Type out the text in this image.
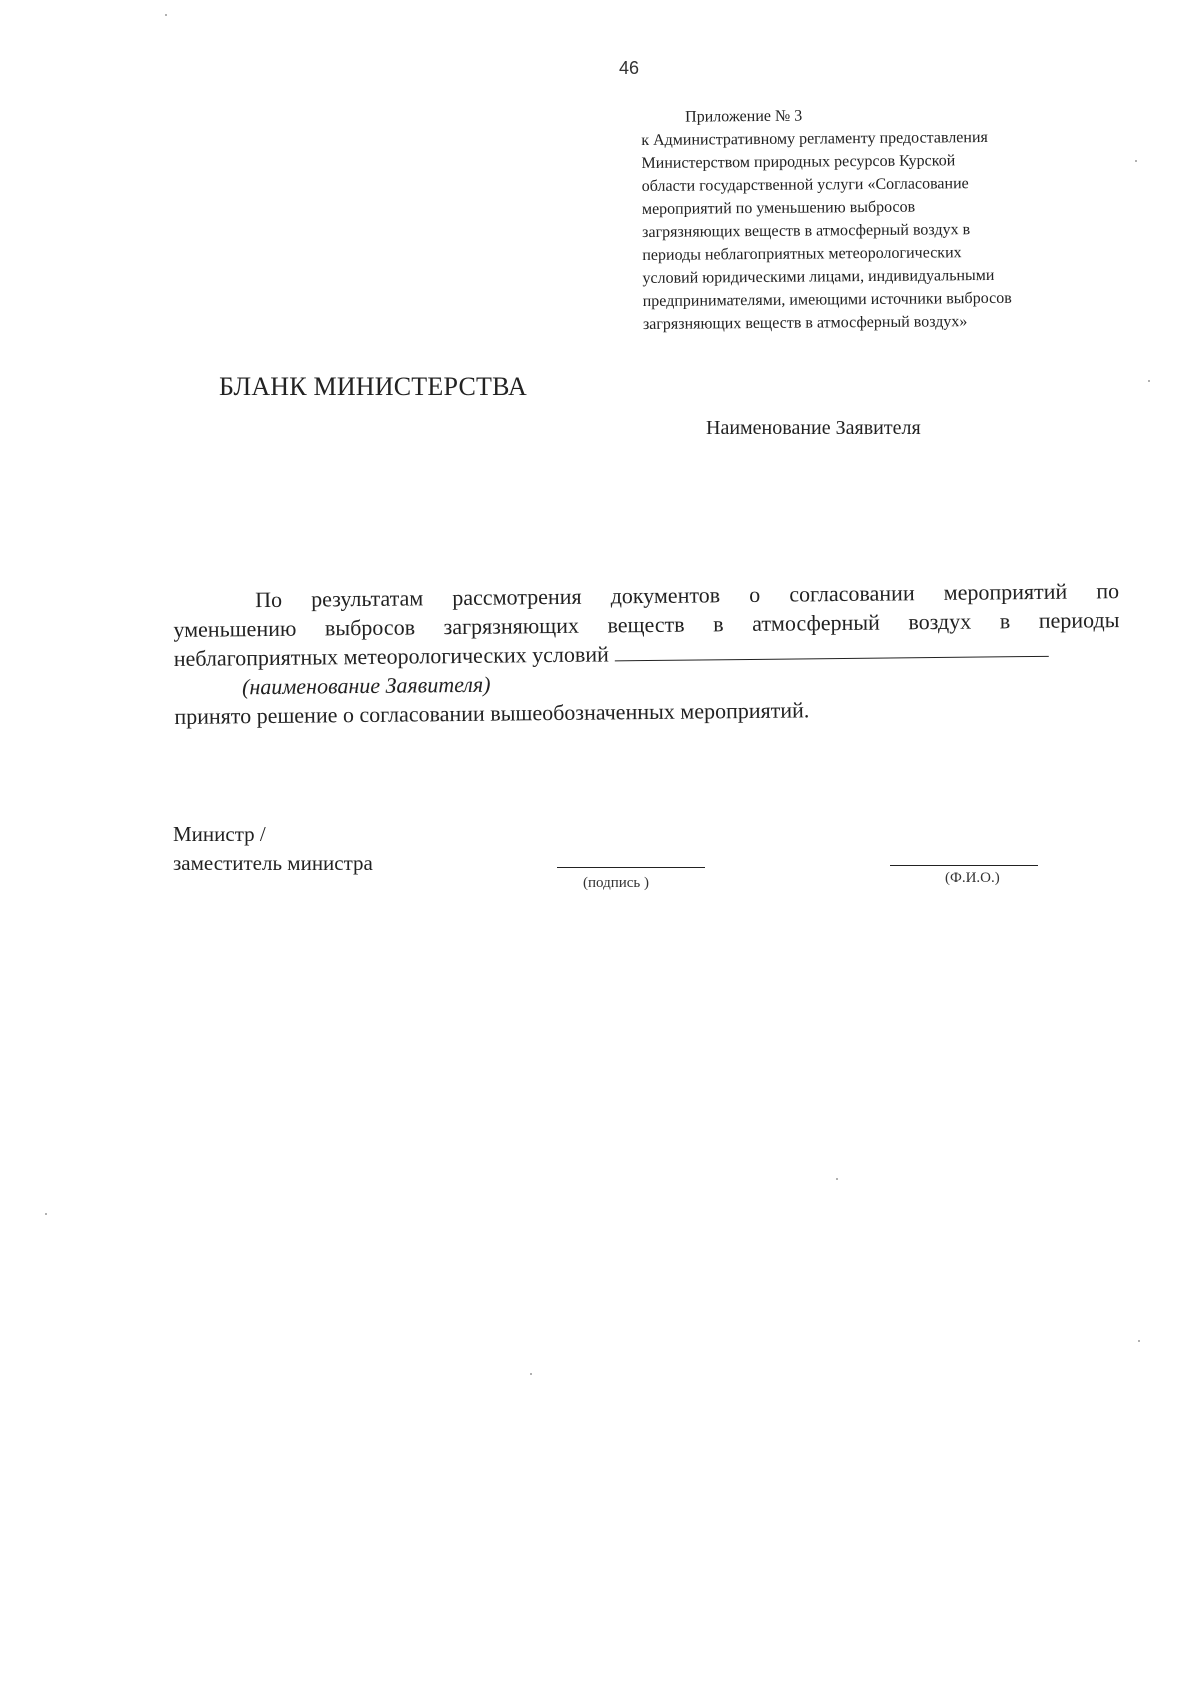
46
Приложение № 3
к Административному регламенту предоставления
Министерством природных ресурсов Курской
области государственной услуги «Согласование
мероприятий по уменьшению выбросов
загрязняющих веществ в атмосферный воздух в
периоды неблагоприятных метеорологических
условий юридическими лицами, индивидуальными
предпринимателями, имеющими источники выбросов
загрязняющих веществ в атмосферный воздух»
БЛАНК МИНИСТЕРСТВА
Наименование Заявителя
По результатам рассмотрения документов о согласовании мероприятий по
уменьшению выбросов загрязняющих веществ в атмосферный воздух в периоды
неблагоприятных метеорологических условий
(наименование Заявителя)
принято решение о согласовании вышеобозначенных мероприятий.
Министр /
заместитель министра
(подпись )	(Ф.И.О.)
